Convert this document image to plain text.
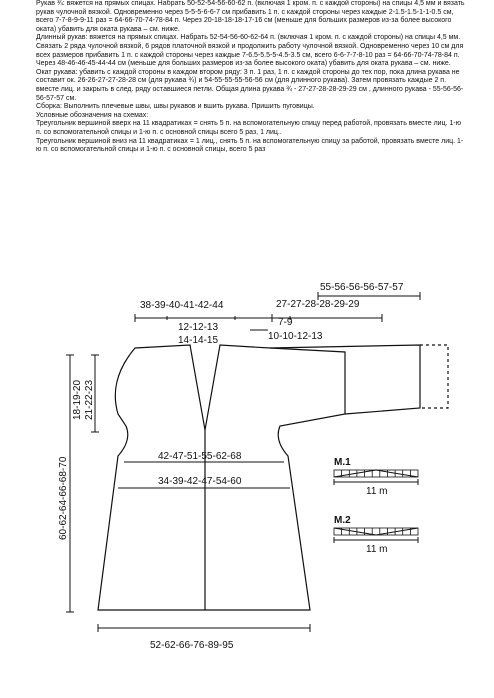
Рукав ¾: вяжется на прямых спицах. Набрать 50-52-54-56-60-62 п. (включая 1 кром. п. с каждой стороны) на спицы 4,5 мм и вязать рукав чулочной вязкой. Одновременно через 5-5-5-6-6-7 см прибавить 1 п. с каждой стороны через каждые 2-1.5-1.5-1-1-0.5 см, всего 7-7-8-9-9-11 раз = 64-66-70-74-78-84 п. Через 20-18-18-18-17-16 см (меньше для больших размеров из-за более высокого оката) убавить для оката рукава – см. ниже.

Длинный рукав: вяжется на прямых спицах. Набрать 52-54-56-60-62-64 п. (включая 1 кром. п. с каждой стороны) на спицы 4,5 мм. Связать 2 ряда чулочной вязкой, 6 рядов платочной вязкой и продолжить работу чулочной вязкой. Одновременно через 10 см для всех размеров прибавить 1 п. с каждой стороны через каждые 7-6.5-5.5-5-4.5-3.5 см, всего 6-6-7-7-8-10 раз = 64-66-70-74-78-84 п. Через 48-46-46-45-44-44 см (меньше для больших размеров из-за более высокого оката) убавить для оката рукава – см. ниже.

Окат рукава: убавить с каждой стороны в каждом втором ряду: 3 п. 1 раз, 1 п. с каждой стороны до тех пор, пока длина рукава не составит ок. 26-26-27-27-28-28 см (для рукава ¾) и 54-55-55-55-56-56 см (для длинного рукава). Затем провязать каждые 2 п. вместе лиц. и закрыть в след. ряду оставшиеся петли. Общая длина рукава ¾ - 27-27-28-28-29-29 см , длинного рукава - 55-56-56-56-57-57 см.

Сборка: Выполнить плечевые швы, швы рукавов и вшить рукава. Пришить пуговицы.

Условные обозначения на схемах:

Треугольник вершиной вверх на 11 квадратиках = снять 5 п. на вспомогательную спицу перед работой, провязать вместе лиц. 1-ю п. со вспомогательной спицы и 1-ю п. с основной спицы всего 5 раз, 1 лиц..

Треугольник вершиной вниз на 11 квадратиках = 1 лиц., снять 5 п. на вспомогательную спицу за работой, провязать вместе лиц. 1-ю п. со вспомогательной спицы и 1-ю п. с основной спицы, всего 5 раз

55-56-56-56-57-57
38-39-40-41-42-44	27-27-28-28-29-29
12-12-13
14-14-15
7-9
10-10-12-13
18-19-20 21-22-23
60-62-64-66-68-70
42-47-51-55-62-68
34-39-42-47-54-60
52-62-66-76-89-95
M.1
11 m
M.2
11 m
